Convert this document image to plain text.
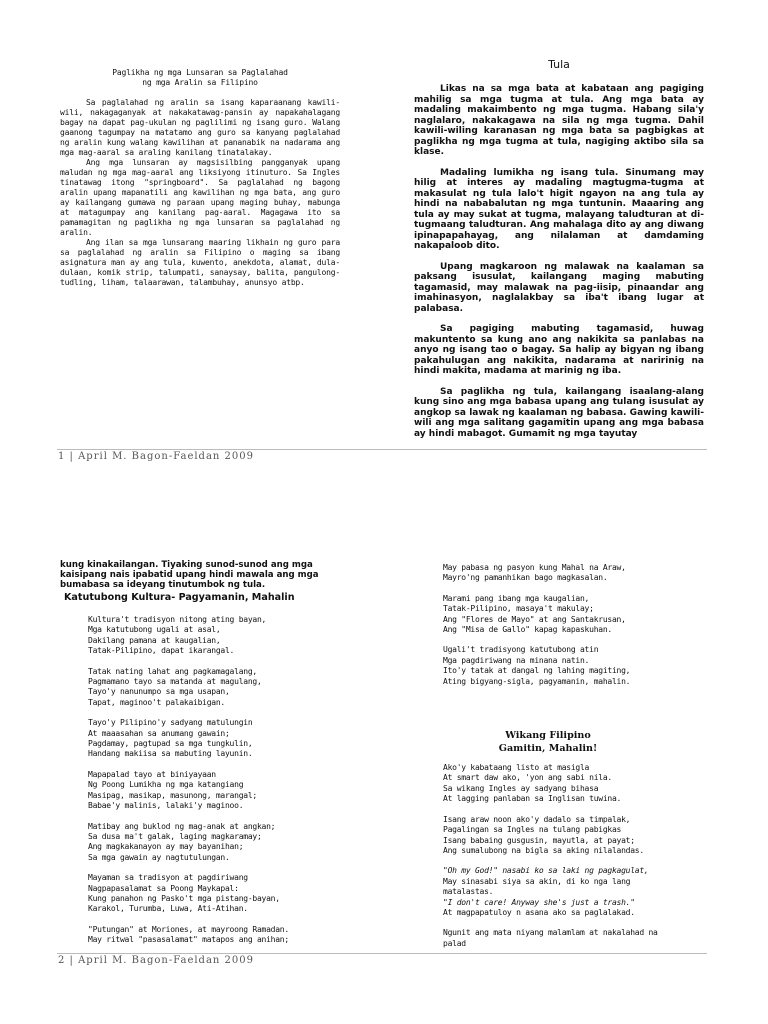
Paglikha ng mga Lunsaran sa Paglalahad
ng mga Aralin sa Filipino

Sa paglalahad ng aralin sa isang kaparaanang kawili-wili, nakagaganyak at nakakatawag-pansin ay napakahalagang bagay na dapat pag-ukulan ng paglilimi ng isang guro. Walang gaanong tagumpay na matatamo ang guro sa kanyang paglalahad ng aralin kung walang kawilihan at pananabik na nadarama ang mga mag-aaral sa araling kanilang tinatalakay.

Ang mga lunsaran ay magsisilbing pangganyak upang maludan ng mga mag-aaral ang liksiyong itinuturo. Sa Ingles tinatawag itong "springboard". Sa paglalahad ng bagong aralin upang mapanatili ang kawilihan ng mga bata, ang guro ay kailangang gumawa ng paraan upang maging buhay, mabunga at matagumpay ang kanilang pag-aaral. Magagawa ito sa pamamagitan ng paglikha ng mga lunsaran sa paglalahad ng aralin.

Ang ilan sa mga lunsarang maaring likhain ng guro para sa paglalahad ng aralin sa Filipino o maging sa ibang asignatura man ay ang tula, kuwento, anekdota, alamat, dula-dulaan, komik strip, talumpati, sanaysay, balita, pangulong-tudling, liham, talaarawan, talambuhay, anunsyo atbp.

Tula

Likas na sa mga bata at kabataan ang pagiging mahilig sa mga tugma at tula. Ang mga bata ay madaling makaimbento ng mga tugma. Habang sila'y naglalaro, nakakagawa na sila ng mga tugma. Dahil kawili-wiling karanasan ng mga bata sa pagbigkas at paglikha ng mga tugma at tula, nagiging aktibo sila sa klase.

Madaling lumikha ng isang tula. Sinumang may hilig at interes ay madaling magtugma-tugma at makasulat ng tula lalo't higit ngayon na ang tula ay hindi na nababalutan ng mga tuntunin. Maaaring ang tula ay may sukat at tugma, malayang taludturan at di-tugmaang taludturan. Ang mahalaga dito ay ang diwang ipinapapahayag, ang nilalaman at damdaming nakapaloob dito.

Upang magkaroon ng malawak na kaalaman sa paksang isusulat, kailangang maging mabuting tagamasid, may malawak na pag-iisip, pinaandar ang imahinasyon, naglalakbay sa iba't ibang lugar at palabasa.

Sa pagiging mabuting tagamasid, huwag makuntento sa kung ano ang nakikita sa panlabas na anyo ng isang tao o bagay. Sa halip ay bigyan ng ibang pakahulugan ang nakikita, nadarama at naririnig na hindi makita, madama at marinig ng iba.

Sa paglikha ng tula, kailangang isaalang-alang kung sino ang mga babasa upang ang tulang isusulat ay angkop sa lawak ng kaalaman ng babasa. Gawing kawili-wili ang mga salitang gagamitin upang ang mga babasa ay hindi mabagot. Gumamit ng mga tayutay

1 | April M. Bagon-Faeldan 2009

kung kinakailangan. Tiyaking sunod-sunod ang mga kaisipang nais ipabatid upang hindi mawala ang mga bumabasa sa ideyang tinutumbok ng tula.

Katutubong Kultura- Pagyamanin, Mahalin
Kultura't tradisyon nitong ating bayan,
Mga katutubong ugali at asal,
Dakilang pamana at kaugalian,
Tatak-Pilipino, dapat ikarangal.
Tatak nating lahat ang pagkamagalang,
Pagmamano tayo sa matanda at magulang,
Tayo'y nanunumpo sa mga usapan,
Tapat, maginoo't palakaibigan.
Tayo'y Pilipino'y sadyang matulungin
At maaasahan sa anumang gawain;
Pagdamay, pagtupad sa mga tungkulin,
Handang makiisa sa mabuting layunin.
Mapapalad tayo at biniyayaan
Ng Poong Lumikha ng mga katangiang
Masipag, masikap, masunong, marangal;
Babae'y malinis, lalaki'y maginoo.
Matibay ang buklod ng mag-anak at angkan;
Sa dusa ma't galak, laging magkaramay;
Ang magkakanayon ay may bayanihan;
Sa mga gawain ay nagtutulungan.
Mayaman sa tradisyon at pagdiriwang
Nagpapasalamat sa Poong Maykapal:
Kung panahon ng Pasko't mga pistang-bayan,
Karakol, Turumba, Luwa, Ati-Atihan.
"Putungan" at Moriones, at mayroong Ramadan.
May ritwal "pasasalamat" matapos ang anihan;
May pabasa ng pasyon kung Mahal na Araw,
Mayro'ng pamanhikan bago magkasalan.
Marami pang ibang mga kaugalian,
Tatak-Pilipino, masaya't makulay;
Ang "Flores de Mayo" at ang Santakrusan,
Ang "Misa de Gallo" kapag kapaskuhan.
Ugali't tradisyong katutubong atin
Mga pagdiriwang na minana natin.
Ito'y tatak at dangal ng lahing magiting,
Ating bigyang-sigla, pagyamanin, mahalin.
Wikang Filipino
Gamitin, Mahalin!
Ako'y kabataang listo at masigla
At smart daw ako, 'yon ang sabi nila.
Sa wikang Ingles ay sadyang bihasa
At lagging panlaban sa Inglisan tuwina.
Isang araw noon ako'y dadalo sa timpalak,
Pagalingan sa Ingles na tulang pabigkas
Isang babaing gusgusin, mayutla, at payat;
Ang sumalubong na bigla sa aking nilalandas.
"Oh my God!" nasabi ko sa laki ng pagkagulat,
May sinasabi siya sa akin, di ko nga lang
matalastas.
"I don't care! Anyway she's just a trash."
At magpapatuloy n asana ako sa paglalakad.
Ngunit ang mata niyang malamlam at nakalahad na
palad
2 | April M. Bagon-Faeldan 2009
